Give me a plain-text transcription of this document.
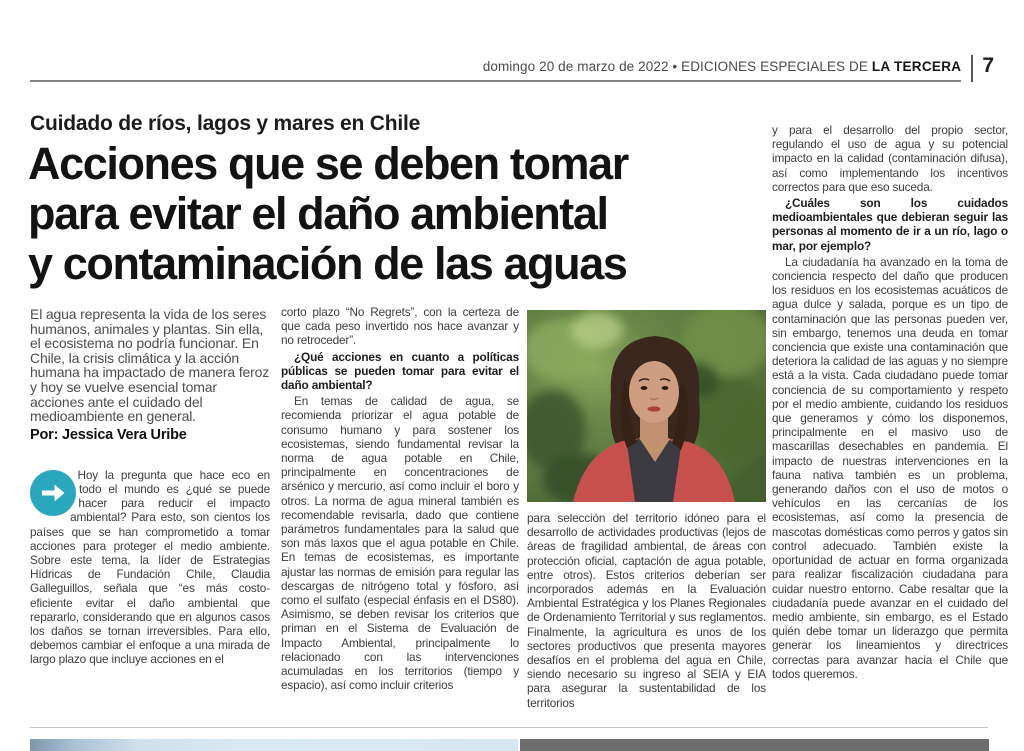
domingo 20 de marzo de 2022 • EDICIONES ESPECIALES DE LA TERCERA 7
Cuidado de ríos, lagos y mares en Chile
Acciones que se deben tomar
para evitar el daño ambiental
y contaminación de las aguas
El agua representa la vida de los seres humanos, animales y plantas. Sin ella, el ecosistema no podría funcionar. En Chile, la crisis climática y la acción humana ha impactado de manera feroz y hoy se vuelve esencial tomar acciones ante el cuidado del medioambiente en general.
Por: Jessica Vera Uribe

Hoy la pregunta que hace eco en todo el mundo es ¿qué se puede hacer para reducir el impacto ambiental? Para esto, son cientos los países que se han comprometido a tomar acciones para proteger el medio ambiente. Sobre este tema, la líder de Estrategias Hídricas de Fundación Chile, Claudia Galleguillos, señala que “es más costo-eficiente evitar el daño ambiental que repararlo, considerando que en algunos casos los daños se tornan irreversibles. Para ello, debemos cambiar el enfoque a una mirada de largo plazo que incluye acciones en el

corto plazo “No Regrets”, con la certeza de que cada peso invertido nos hace avanzar y no retroceder”.

¿Qué acciones en cuanto a políticas públicas se pueden tomar para evitar el daño ambiental?

En temas de calidad de agua, se recomienda priorizar el agua potable de consumo humano y para sostener los ecosistemas, siendo fundamental revisar la norma de agua potable en Chile, principalmente en concentraciones de arsénico y mercurio, así como incluir el boro y otros. La norma de agua mineral también es recomendable revisarla, dado que contiene parámetros fundamentales para la salud que son más laxos que el agua potable en Chile. En temas de ecosistemas, es importante ajustar las normas de emisión para regular las descargas de nitrógeno total y fósforo, así como el sulfato (especial énfasis en el DS80). Asimismo, se deben revisar los criterios que priman en el Sistema de Evaluación de Impacto Ambiental, principalmente lo relacionado con las intervenciones acumuladas en los territorios (tiempo y espacio), así como incluir criterios

para selección del territorio idóneo para el desarrollo de actividades productivas (lejos de áreas de fragilidad ambiental, de áreas con protección oficial, captación de agua potable, entre otros). Estos criterios deberían ser incorporados además en la Evaluación Ambiental Estratégica y los Planes Regionales de Ordenamiento Territorial y sus reglamentos. Finalmente, la agricultura es unos de los sectores productivos que presenta mayores desafíos en el problema del agua en Chile, siendo necesario su ingreso al SEIA y EIA para asegurar la sustentabilidad de los territorios

y para el desarrollo del propio sector, regulando el uso de agua y su potencial impacto en la calidad (contaminación difusa), así como implementando los incentivos correctos para que eso suceda.

¿Cuáles son los cuidados medioambientales que debieran seguir las personas al momento de ir a un río, lago o mar, por ejemplo?

La ciudadanía ha avanzado en la toma de conciencia respecto del daño que producen los residuos en los ecosistemas acuáticos de agua dulce y salada, porque es un tipo de contaminación que las personas pueden ver, sin embargo, tenemos una deuda en tomar conciencia que existe una contaminación que deteriora la calidad de las aguas y no siempre está a la vista. Cada ciudadano puede tomar conciencia de su comportamiento y respeto por el medio ambiente, cuidando los residuos que generamos y cómo los disponemos, principalmente en el masivo uso de mascarillas desechables en pandemia. El impacto de nuestras intervenciones en la fauna nativa también es un problema, generando daños con el uso de motos o vehículos en las cercanías de los ecosistemas, así como la presencia de mascotas domésticas como perros y gatos sin control adecuado. También existe la oportunidad de actuar en forma organizada para realizar fiscalización ciudadana para cuidar nuestro entorno. Cabe resaltar que la ciudadanía puede avanzar en el cuidado del medio ambiente, sin embargo, es el Estado quién debe tomar un liderazgo que permita generar los lineamientos y directrices correctas para avanzar hacia el Chile que todos queremos.
